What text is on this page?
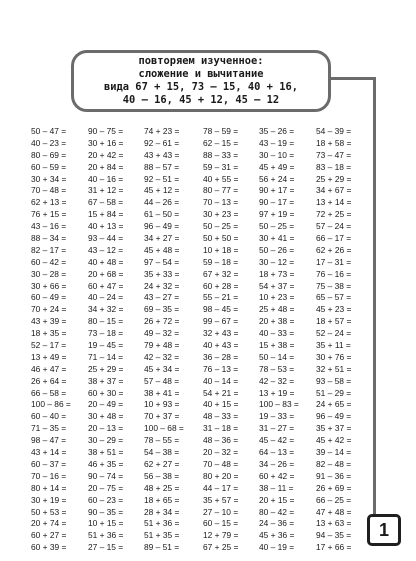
повторяем изученное:
сложение и вычитание
вида 67 + 15, 73 – 15, 40 + 16,
40 – 16, 45 + 12, 45 – 12
50 – 47 =
40 – 23 =
80 – 69 =
60 – 59 =
30 + 34 =
70 – 48 =
62 + 13 =
76 + 15 =
43 – 16 =
88 – 34 =
82 – 17 =
60 – 42 =
30 – 28 =
30 + 66 =
60 – 49 =
70 + 24 =
43 + 39 =
18 + 35 =
52 – 17 =
13 + 49 =
46 + 47 =
26 + 64 =
66 – 58 =
100 – 86 =
60 – 40 =
71 – 35 =
98 – 47 =
43 + 14 =
60 – 37 =
70 – 16 =
80 + 14 =
30 + 19 =
50 + 53 =
20 + 74 =
60 + 27 =
60 + 39 =
90 – 75 =
30 + 16 =
20 + 42 =
20 + 84 =
40 – 16 =
31 + 12 =
67 – 58 =
15 + 84 =
40 + 13 =
93 – 44 =
43 – 12 =
40 + 48 =
20 + 68 =
60 + 47 =
40 – 24 =
34 + 32 =
80 – 15 =
73 – 18 =
19 – 45 =
71 – 14 =
25 + 29 =
38 + 37 =
60 + 30 =
20 – 49 =
30 + 48 =
20 – 13 =
30 – 29 =
38 + 51 =
46 + 35 =
90 – 74 =
20 – 75 =
60 – 23 =
90 – 35 =
10 + 15 =
51 + 36 =
27 – 15 =
74 + 23 =
92 – 61 =
43 + 43 =
88 – 57 =
92 – 51 =
45 + 12 =
44 – 26 =
61 – 50 =
96 – 49 =
34 + 27 =
45 + 48 =
97 – 54 =
35 + 33 =
24 + 32 =
43 – 27 =
69 – 35 =
26 + 72 =
49 – 32 =
79 + 48 =
42 – 32 =
45 + 34 =
57 – 48 =
38 + 41 =
10 + 93 =
70 + 37 =
100 – 68 =
78 – 55 =
54 – 38 =
62 + 27 =
56 – 38 =
48 + 25 =
18 + 65 =
28 + 34 =
51 + 36 =
51 + 35 =
89 – 51 =
78 – 59 =
62 – 15 =
88 – 33 =
59 – 31 =
40 + 55 =
80 – 77 =
70 – 13 =
30 + 23 =
50 – 25 =
50 + 50 =
10 + 18 =
59 – 18 =
67 + 32 =
60 + 28 =
55 – 21 =
98 – 45 =
99 – 67 =
32 + 43 =
40 + 43 =
36 – 28 =
76 – 13 =
40 – 14 =
54 + 21 =
40 + 15 =
48 – 33 =
31 – 18 =
48 – 36 =
20 – 32 =
70 – 48 =
80 + 20 =
44 – 17 =
35 + 57 =
27 – 10 =
60 – 15 =
12 + 79 =
67 + 25 =
35 – 26 =
43 – 19 =
30 – 10 =
45 + 49 =
56 + 24 =
90 + 17 =
90 – 17 =
97 + 19 =
50 – 25 =
30 + 41 =
50 – 26 =
30 – 12 =
18 + 73 =
54 + 37 =
10 + 23 =
25 + 48 =
20 + 38 =
40 – 33 =
15 + 38 =
50 – 14 =
78 – 53 =
42 – 32 =
13 + 19 =
100 – 83 =
19 – 33 =
31 – 27 =
45 – 42 =
64 – 13 =
34 – 26 =
60 + 42 =
38 – 11 =
20 + 15 =
80 – 42 =
24 – 36 =
45 + 36 =
40 – 19 =
54 – 39 =
18 + 58 =
73 – 47 =
83 – 18 =
25 + 29 =
34 + 67 =
13 + 14 =
72 + 25 =
57 – 24 =
66 – 17 =
62 + 26 =
17 – 31 =
76 – 16 =
75 – 38 =
65 – 57 =
45 + 23 =
18 + 57 =
52 – 24 =
35 + 11 =
30 + 76 =
32 + 51 =
93 – 58 =
51 – 29 =
24 + 65 =
96 – 49 =
35 + 37 =
45 + 42 =
39 – 14 =
82 – 48 =
91 – 36 =
26 + 69 =
66 – 25 =
47 + 48 =
13 + 63 =
94 – 35 =
17 + 66 =
1
